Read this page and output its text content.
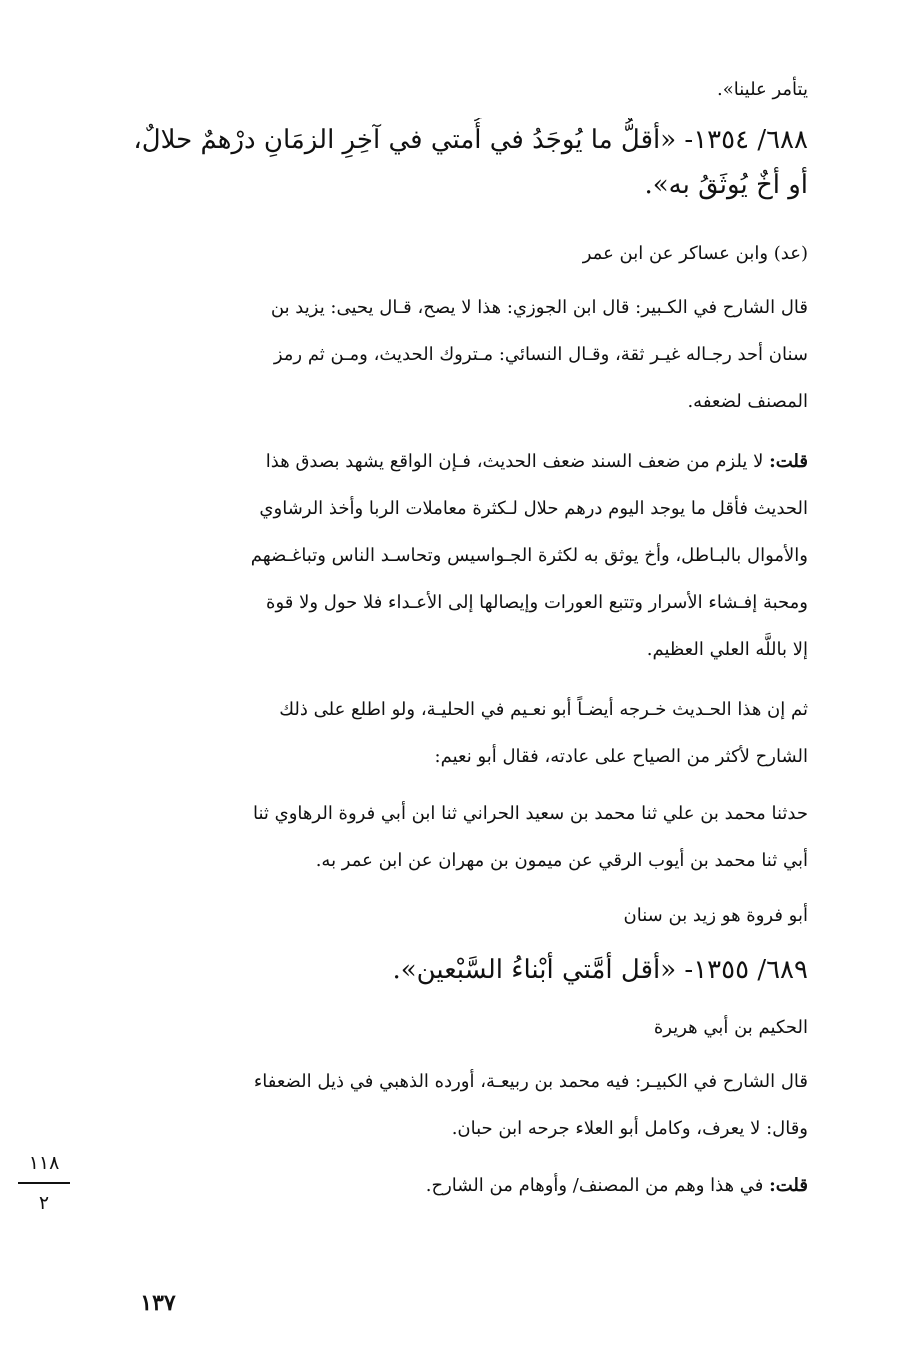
يتأمر علينا».

٦٨٨/ ١٣٥٤- «أقلُّ ما يُوجَدُ في أُمتي في آخِرِ الزمَانِ درْهمٌ حلالٌ،
أو أخٌ يُوثَقُ به».

(عد) وابن عساكر عن ابن عمر

قال الشارح في الكـبير: قال ابن الجوزي: هذا لا يصح، قـال يحيى: يزيد بن
سنان أحد رجـاله غيـر ثقة، وقـال النسائي: مـتروك الحديث، ومـن ثم رمز
المصنف لضعفه.
قلت: لا يلزم من ضعف السند ضعف الحديث، فـإن الواقع يشهد بصدق هذا
الحديث فأقل ما يوجد اليوم درهم حلال لـكثرة معاملات الربا وأخذ الرشاوي
والأموال بالبـاطل، وأخ يوثق به لكثرة الجـواسيس وتحاسـد الناس وتباغـضهم
ومحبة إفـشاء الأسرار وتتبع العورات وإيصالها إلى الأعـداء فلا حول ولا قوة
إلا باللَّه العلي العظيم.
ثم إن هذا الحـديث خـرجه أيضـاً أبو نعـيم في الحليـة، ولو اطلع على ذلك
الشارح لأكثر من الصياح على عادته، فقال أبو نعيم:
حدثنا محمد بن علي ثنا محمد بن سعيد الحراني ثنا ابن أبي فروة الرهاوي ثنا
أبي ثنا محمد بن أيوب الرقي عن ميمون بن مهران عن ابن عمر به.

أبو فروة هو زيد بن سنان

٦٨٩/ ١٣٥٥- «أقل أمَّتي أبْناءُ السَّبْعين».

الحكيم بن أبي هريرة

قال الشارح في الكبيـر: فيه محمد بن ربيعـة، أورده الذهبي في ذيل الضعفاء
وقال: لا يعرف، وكامل أبو العلاء جرحه ابن حبان.

قلت: في هذا وهم من المصنف/ وأوهام من الشارح.

١١٨
٢
١٣٧
